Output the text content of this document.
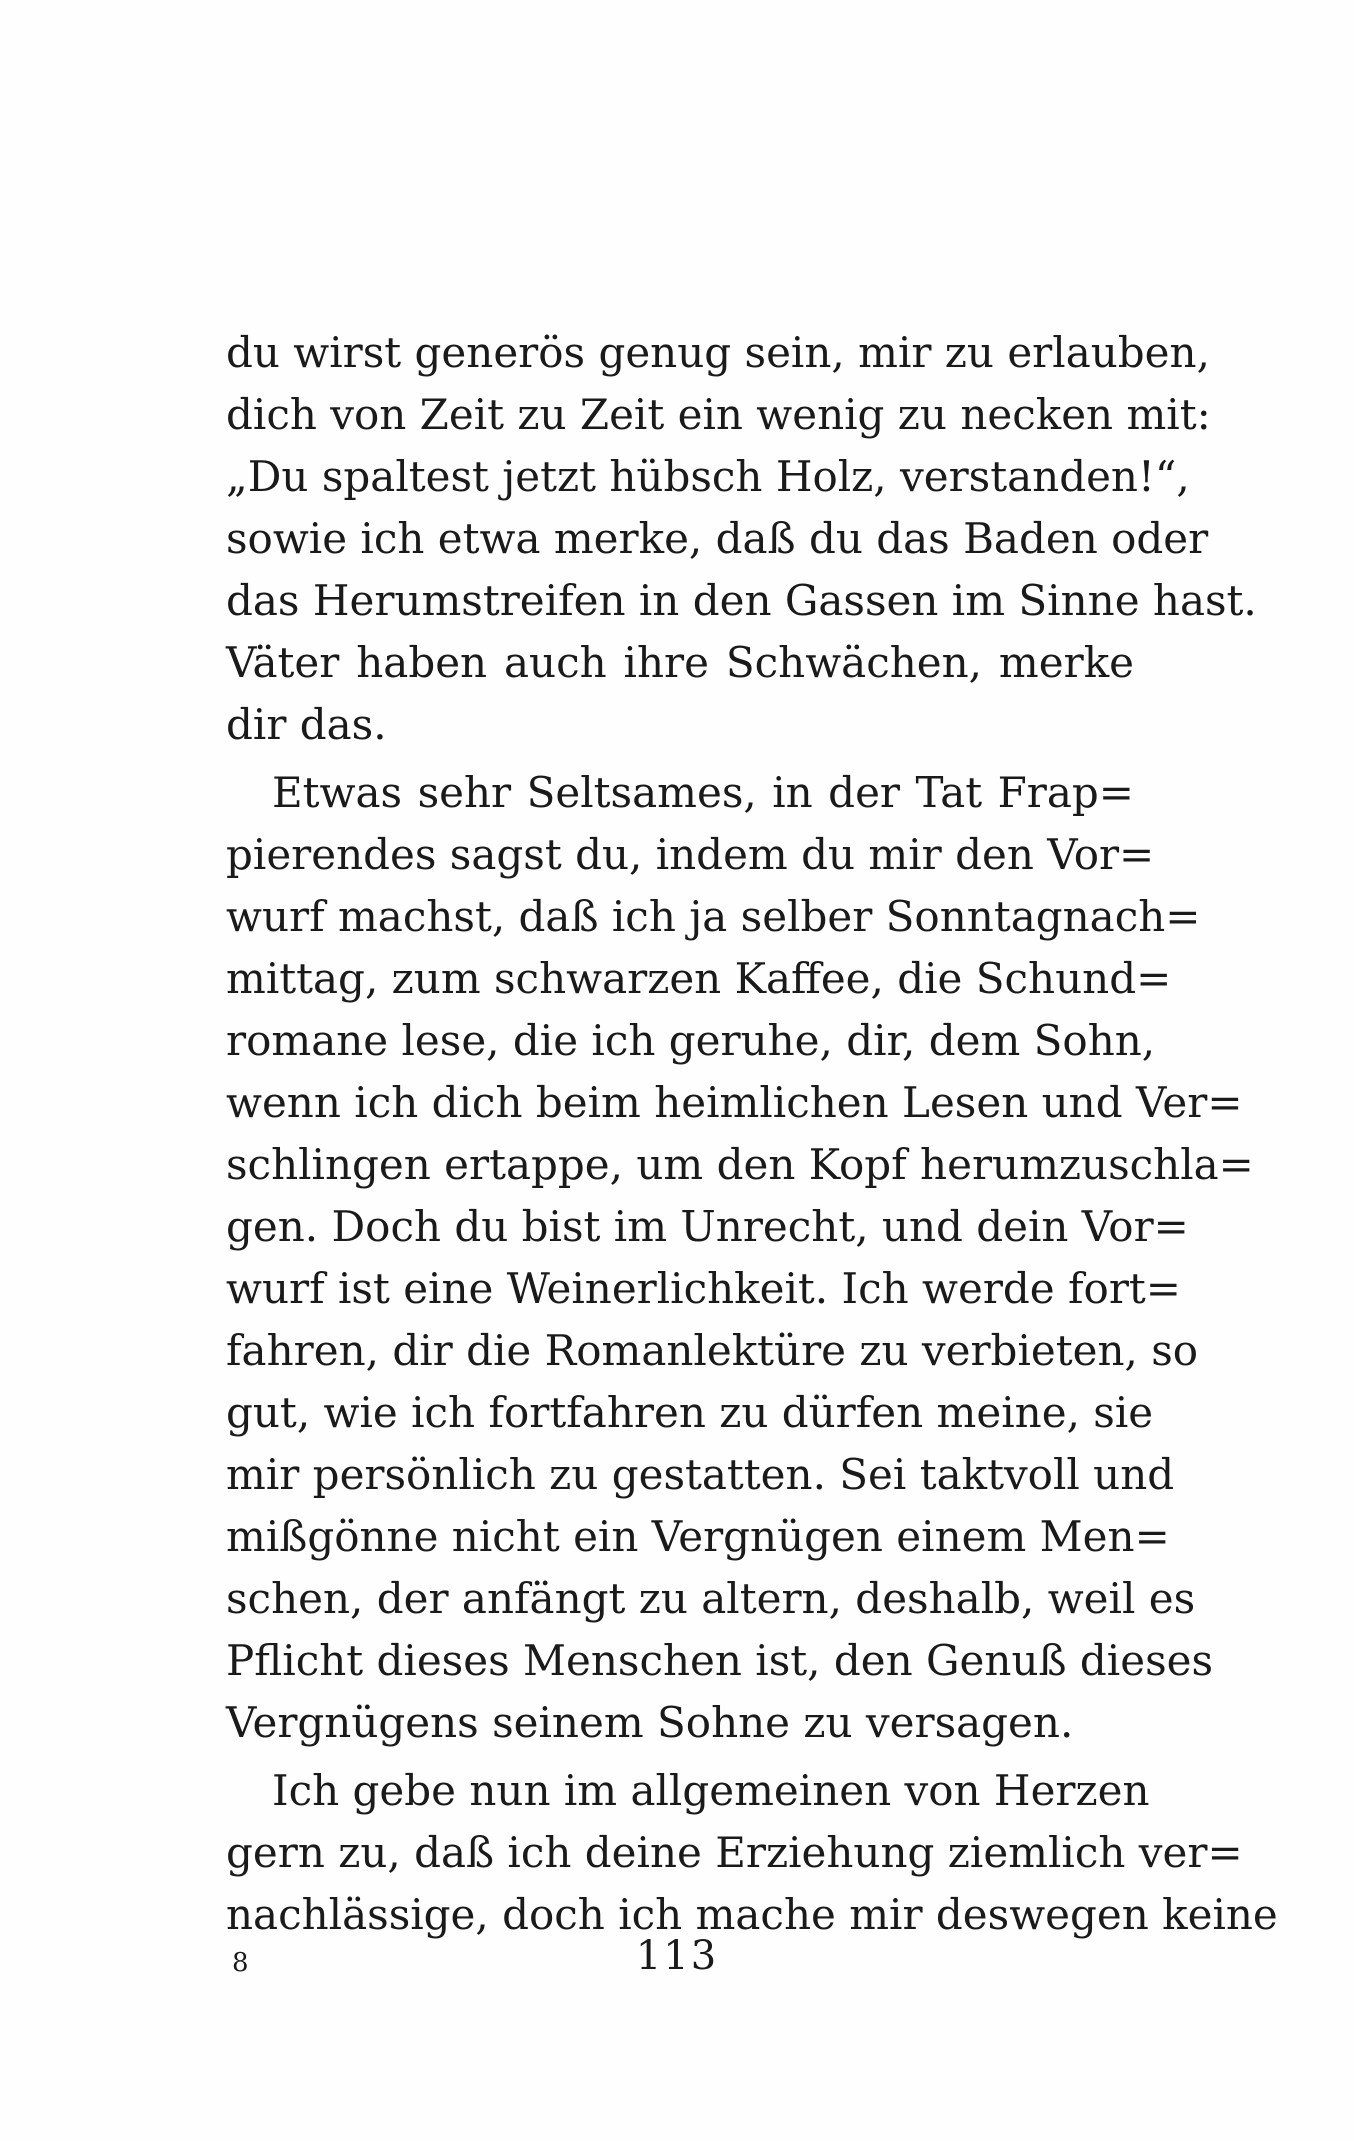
du wirst generös genug sein, mir zu erlauben,
dich von Zeit zu Zeit ein wenig zu necken mit:
„Du spaltest jetzt hübsch Holz, verstanden!“,
sowie ich etwa merke, daß du das Baden oder
das Herumstreifen in den Gassen im Sinne hast.
Väter haben auch ihre Schwächen, merke
dir das.
Etwas sehr Seltsames, in der Tat Frap=
pierendes sagst du, indem du mir den Vor=
wurf machst, daß ich ja selber Sonntagnach=
mittag, zum schwarzen Kaffee, die Schund=
romane lese, die ich geruhe, dir, dem Sohn,
wenn ich dich beim heimlichen Lesen und Ver=
schlingen ertappe, um den Kopf herumzuschla=
gen. Doch du bist im Unrecht, und dein Vor=
wurf ist eine Weinerlichkeit. Ich werde fort=
fahren, dir die Romanlektüre zu verbieten, so
gut, wie ich fortfahren zu dürfen meine, sie
mir persönlich zu gestatten. Sei taktvoll und
mißgönne nicht ein Vergnügen einem Men=
schen, der anfängt zu altern, deshalb, weil es
Pflicht dieses Menschen ist, den Genuß dieses
Vergnügens seinem Sohne zu versagen.
Ich gebe nun im allgemeinen von Herzen
gern zu, daß ich deine Erziehung ziemlich ver=
nachlässige, doch ich mache mir deswegen keine
8	113
